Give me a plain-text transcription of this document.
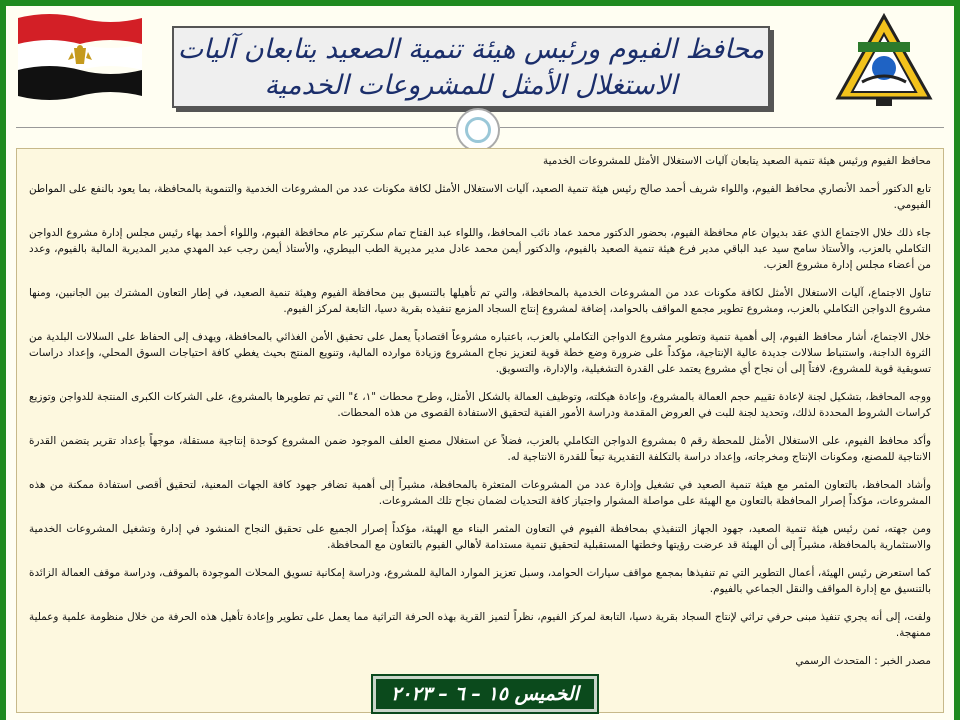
محافظ الفيوم ورئيس هيئة تنمية الصعيد يتابعان آليات
الاستغلال الأمثل للمشروعات الخدمية

محافظ الفيوم ورئيس هيئة تنمية الصعيد يتابعان آليات الاستغلال الأمثل للمشروعات الخدمية

تابع الدكتور أحمد الأنصاري محافظ الفيوم، واللواء شريف أحمد صالح رئيس هيئة تنمية الصعيد، آليات الاستغلال الأمثل لكافة مكونات عدد من المشروعات الخدمية والتنموية بالمحافظة، بما يعود بالنفع على المواطن الفيومي.

جاء ذلك خلال الاجتماع الذي عقد بديوان عام محافظة الفيوم، بحضور الدكتور محمد عماد نائب المحافظ، واللواء عبد الفتاح تمام سكرتير عام محافظة الفيوم، واللواء أحمد بهاء رئيس مجلس إدارة مشروع الدواجن التكاملي بالعزب، والأستاذ سامح سيد عبد الباقي مدير فرع هيئة تنمية الصعيد بالفيوم، والدكتور أيمن محمد عادل مدير مديرية الطب البيطري، والأستاذ أيمن رجب عبد المهدي مدير المديرية المالية بالفيوم، وعدد من أعضاء مجلس إدارة مشروع العزب.

تناول الاجتماع، آليات الاستغلال الأمثل لكافة مكونات عدد من المشروعات الخدمية بالمحافظة، والتي تم تأهيلها بالتنسيق بين محافظة الفيوم وهيئة تنمية الصعيد، في إطار التعاون المشترك بين الجانبين، ومنها مشروع الدواجن التكاملي بالعزب، ومشروع تطوير مجمع المواقف بالحوامد، إضافة لمشروع إنتاج السجاد المزمع تنفيذه بقرية دسيا، التابعة لمركز الفيوم.

خلال الاجتماع، أشار محافظ الفيوم، إلى أهمية تنمية وتطوير مشروع الدواجن التكاملي بالعزب، باعتباره مشروعاً اقتصادياً يعمل على تحقيق الأمن الغذائي بالمحافظة، ويهدف إلى الحفاظ على السلالات البلدية من الثروة الداجنة، واستنباط سلالات جديدة عالية الإنتاجية، مؤكداً على ضرورة وضع خطة قوية لتعزيز نجاح المشروع وزيادة موارده المالية، وتنويع المنتج بحيث يغطي كافة احتياجات السوق المحلي، وإعداد دراسات تسويقية قوية للمشروع، لافتاً إلى أن نجاح أي مشروع يعتمد على القدرة التشغيلية، والإدارة، والتسويق.

ووجه المحافظ، بتشكيل لجنة لإعادة تقييم حجم العمالة بالمشروع، وإعادة هيكلته، وتوظيف العمالة بالشكل الأمثل، وطرح محطات "١، ٤" التي تم تطويرها بالمشروع، على الشركات الكبرى المنتجة للدواجن وتوزيع كراسات الشروط المحددة لذلك، وتحديد لجنة للبت في العروض المقدمة ودراسة الأمور الفنية لتحقيق الاستفادة القصوى من هذه المحطات.

وأكد محافظ الفيوم، على الاستغلال الأمثل للمحطة رقم ٥ بمشروع الدواجن التكاملي بالعزب، فضلاً عن استغلال مصنع العلف الموجود ضمن المشروع كوحدة إنتاجية مستقلة، موجهاً بإعداد تقرير يتضمن القدرة الانتاجية للمصنع، ومكونات الإنتاج ومخرجاته، وإعداد دراسة بالتكلفة التقديرية تبعاً للقدرة الانتاجية له.

وأشاد المحافظ، بالتعاون المثمر مع هيئة تنمية الصعيد في تشغيل وإدارة عدد من المشروعات المتعثرة بالمحافظة، مشيراً إلى أهمية تضافر جهود كافة الجهات المعنية، لتحقيق أقصى استفادة ممكنة من هذه المشروعات، مؤكداً إصرار المحافظة بالتعاون مع الهيئة على مواصلة المشوار واجتياز كافة التحديات لضمان نجاح تلك المشروعات.

ومن جهته، ثمن رئيس هيئة تنمية الصعيد، جهود الجهاز التنفيذي بمحافظة الفيوم في التعاون المثمر البناء مع الهيئة، مؤكداً إصرار الجميع على تحقيق النجاح المنشود في إدارة وتشغيل المشروعات الخدمية والاستثمارية بالمحافظة، مشيراً إلى أن الهيئة قد عرضت رؤيتها وخطتها المستقبلية لتحقيق تنمية مستدامة لأهالي الفيوم بالتعاون مع المحافظة.

كما استعرض رئيس الهيئة، أعمال التطوير التي تم تنفيذها بمجمع مواقف سيارات الحوامد، وسبل تعزيز الموارد المالية للمشروع، ودراسة إمكانية تسويق المحلات الموجودة بالموقف، ودراسة موقف العمالة الزائدة بالتنسيق مع إدارة المواقف والنقل الجماعي بالفيوم.

ولفت، إلى أنه يجري تنفيذ مبنى حرفي تراثي لإنتاج السجاد بقرية دسيا، التابعة لمركز الفيوم، نظراً لتميز القرية بهذه الحرفة التراثية مما يعمل على تطوير وإعادة تأهيل هذه الحرفة من خلال منظومة علمية وعملية ممنهجة.

مصدر الخبر : المتحدث الرسمي

الخميس ١٥ – ٦ – ٢٠٢٣
